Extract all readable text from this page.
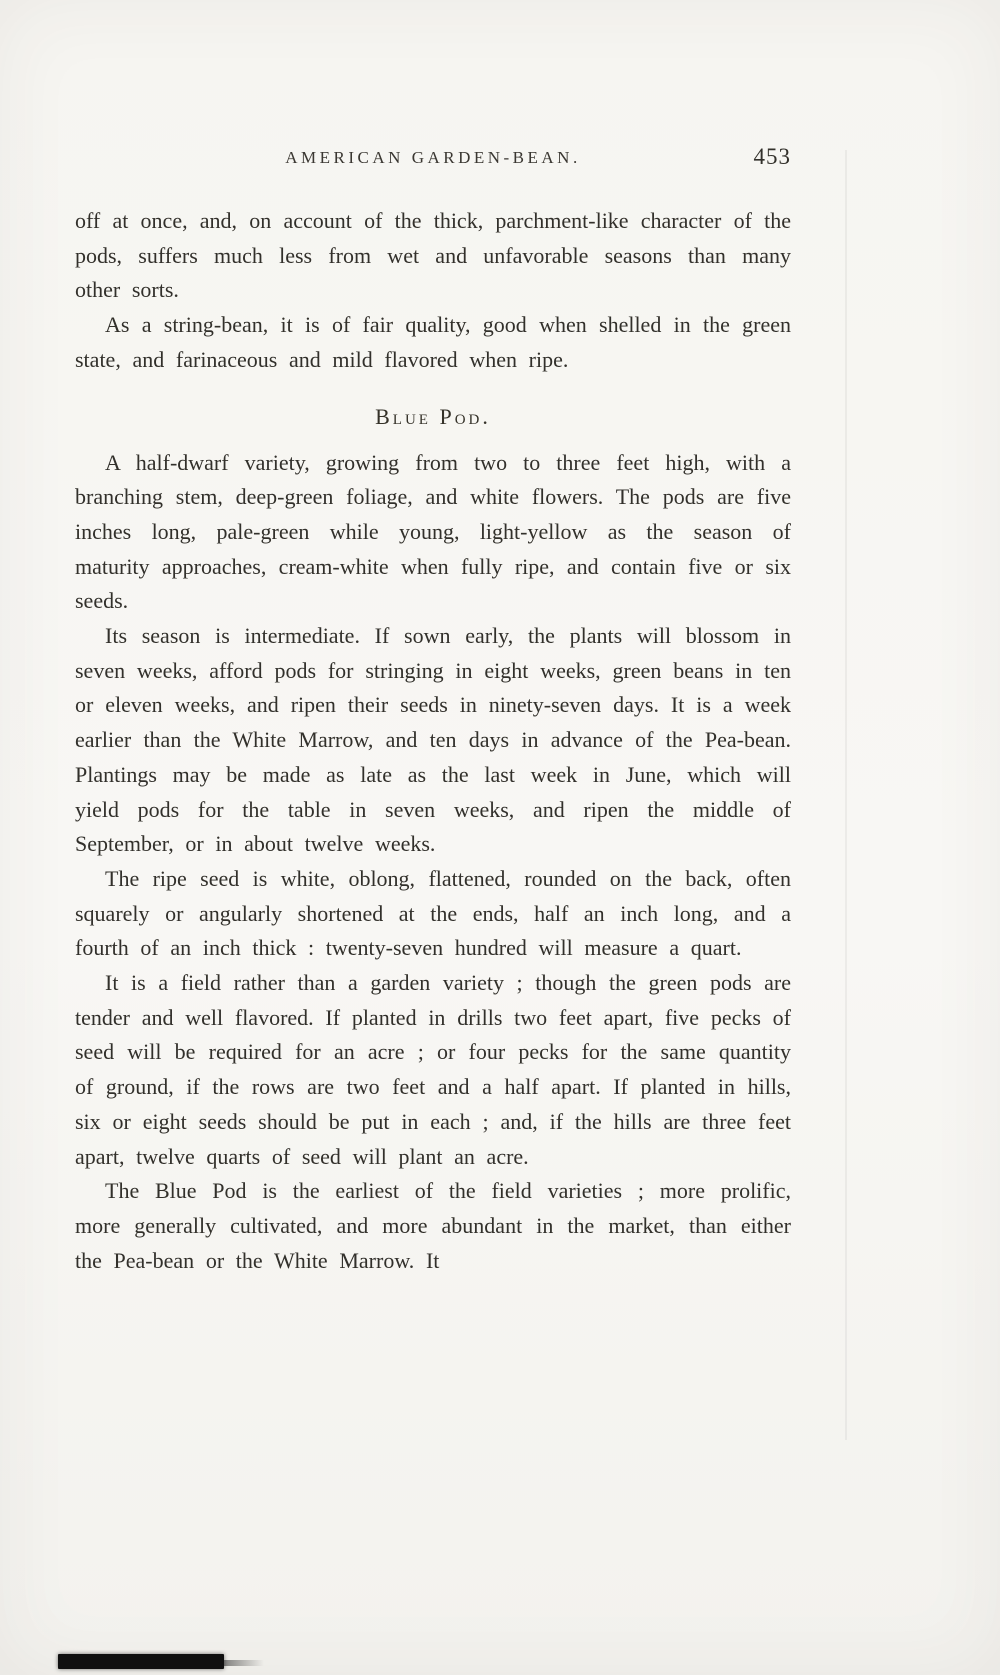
AMERICAN GARDEN-BEAN.	453

off at once, and, on account of the thick, parchment-like character of the pods, suffers much less from wet and unfavorable seasons than many other sorts.

As a string-bean, it is of fair quality, good when shelled in the green state, and farinaceous and mild flavored when ripe.

Blue Pod.

A half-dwarf variety, growing from two to three feet high, with a branching stem, deep-green foliage, and white flowers. The pods are five inches long, pale-green while young, light-yellow as the season of maturity approaches, cream-white when fully ripe, and contain five or six seeds.

Its season is intermediate. If sown early, the plants will blossom in seven weeks, afford pods for stringing in eight weeks, green beans in ten or eleven weeks, and ripen their seeds in ninety-seven days. It is a week earlier than the White Marrow, and ten days in advance of the Pea-bean. Plantings may be made as late as the last week in June, which will yield pods for the table in seven weeks, and ripen the middle of September, or in about twelve weeks.

The ripe seed is white, oblong, flattened, rounded on the back, often squarely or angularly shortened at the ends, half an inch long, and a fourth of an inch thick : twenty-seven hundred will measure a quart.

It is a field rather than a garden variety ; though the green pods are tender and well flavored. If planted in drills two feet apart, five pecks of seed will be required for an acre ; or four pecks for the same quantity of ground, if the rows are two feet and a half apart. If planted in hills, six or eight seeds should be put in each ; and, if the hills are three feet apart, twelve quarts of seed will plant an acre.

The Blue Pod is the earliest of the field varieties ; more prolific, more generally cultivated, and more abundant in the market, than either the Pea-bean or the White Marrow. It
